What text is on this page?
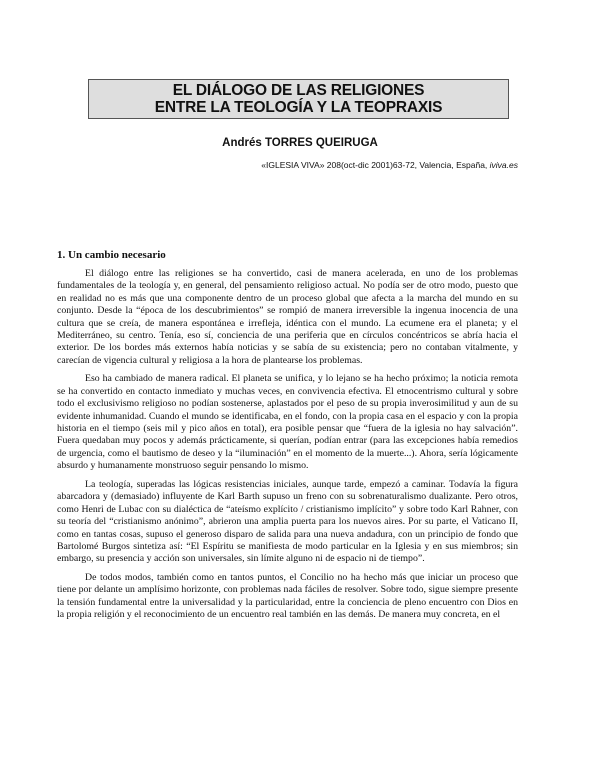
EL DIÁLOGO DE LAS RELIGIONES
ENTRE LA TEOLOGÍA Y LA TEOPRAXIS
Andrés TORRES QUEIRUGA
«IGLESIA VIVA» 208(oct-dic 2001)63-72, Valencia, España, iviva.es
1. Un cambio necesario

El diálogo entre las religiones se ha convertido, casi de manera acelerada, en uno de los problemas fundamentales de la teología y, en general, del pensamiento religioso actual. No podía ser de otro modo, puesto que en realidad no es más que una componente dentro de un proceso global que afecta a la marcha del mundo en su conjunto. Desde la “época de los descubrimientos” se rompió de manera irreversible la ingenua inocencia de una cultura que se creía, de manera espontánea e irrefleja, idéntica con el mundo. La ecumene era el planeta; y el Mediterráneo, su centro. Tenía, eso sí, conciencia de una periferia que en círculos concéntricos se abría hacia el exterior. De los bordes más externos había noticias y se sabía de su existencia; pero no contaban vitalmente, y carecían de vigencia cultural y religiosa a la hora de plantearse los problemas.

Eso ha cambiado de manera radical. El planeta se unifica, y lo lejano se ha hecho próximo; la noticia remota se ha convertido en contacto inmediato y muchas veces, en convivencia efectiva. El etnocentrismo cultural y sobre todo el exclusivismo religioso no podían sostenerse, aplastados por el peso de su propia inverosimilitud y aun de su evidente inhumanidad. Cuando el mundo se identificaba, en el fondo, con la propia casa en el espacio y con la propia historia en el tiempo (seis mil y pico años en total), era posible pensar que “fuera de la iglesia no hay salvación”. Fuera quedaban muy pocos y además prácticamente, si querían, podían entrar (para las excepciones había remedios de urgencia, como el bautismo de deseo y la “iluminación” en el momento de la muerte...). Ahora, sería lógicamente absurdo y humanamente monstruoso seguir pensando lo mismo.

La teología, superadas las lógicas resistencias iniciales, aunque tarde, empezó a caminar. Todavía la figura abarcadora y (demasiado) influyente de Karl Barth supuso un freno con su sobrenaturalismo dualizante. Pero otros, como Henri de Lubac con su dialéctica de “ateísmo explícito / cristianismo implícito” y sobre todo Karl Rahner, con su teoría del “cristianismo anónimo”, abrieron una amplia puerta para los nuevos aires. Por su parte, el Vaticano II, como en tantas cosas, supuso el generoso disparo de salida para una nueva andadura, con un principio de fondo que Bartolomé Burgos sintetiza así: “El Espíritu se manifiesta de modo particular en la Iglesia y en sus miembros; sin embargo, su presencia y acción son universales, sin límite alguno ni de espacio ni de tiempo”.

De todos modos, también como en tantos puntos, el Concilio no ha hecho más que iniciar un proceso que tiene por delante un amplísimo horizonte, con problemas nada fáciles de resolver. Sobre todo, sigue siempre presente la tensión fundamental entre la universalidad y la particularidad, entre la conciencia de pleno encuentro con Dios en la propia religión y el reconocimiento de un encuentro real también en las demás. De manera muy concreta, en el
